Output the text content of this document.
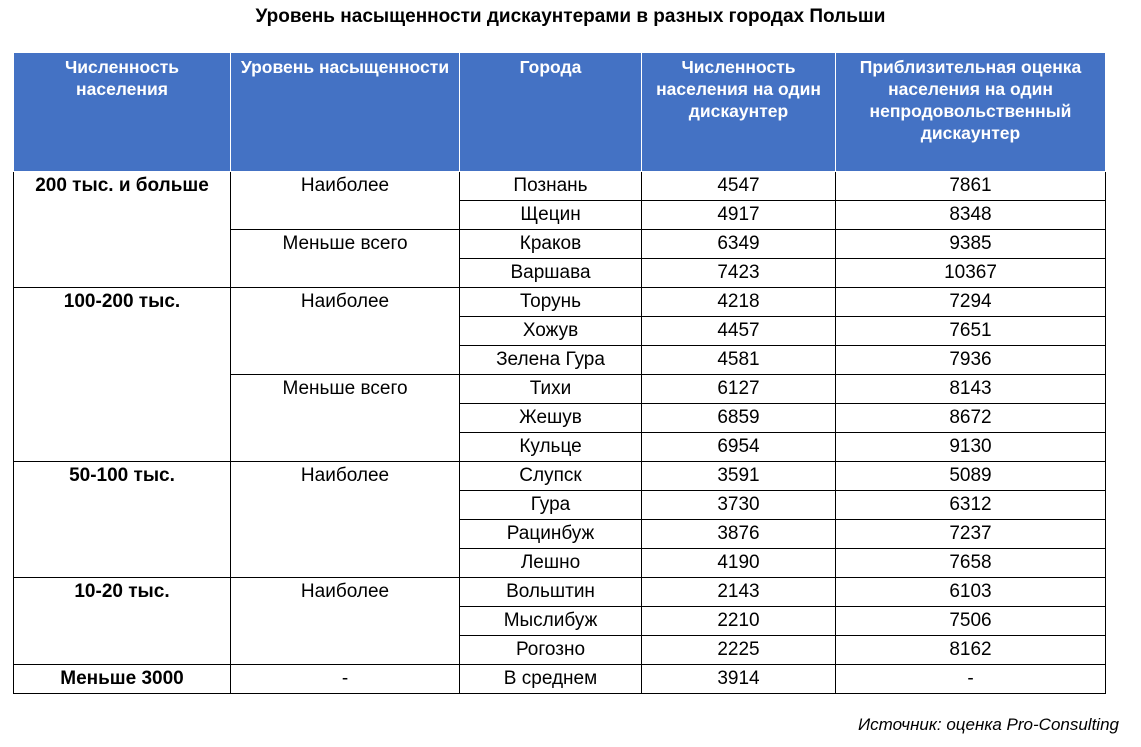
Уровень насыщенности дискаунтерами в разных городах Польши
Численность населения	Уровень насыщенности	Города	Численность населения на один дискаунтер	Приблизительная оценка населения на один непродовольственный дискаунтер
200 тыс. и больше	Наиболее	Познань	4547	7861
		Щецин	4917	8348
	Меньше всего	Краков	6349	9385
		Варшава	7423	10367
100-200 тыс.	Наиболее	Торунь	4218	7294
		Хожув	4457	7651
		Зелена Гура	4581	7936
	Меньше всего	Тихи	6127	8143
		Жешув	6859	8672
		Кульце	6954	9130
50-100 тыс.	Наиболее	Слупск	3591	5089
		Гура	3730	6312
		Рацинбуж	3876	7237
		Лешно	4190	7658
10-20 тыс.	Наиболее	Вольштин	2143	6103
		Мыслибуж	2210	7506
		Рогозно	2225	8162
Меньше 3000	-	В среднем	3914	-
Источник: оценка Pro-Consulting
